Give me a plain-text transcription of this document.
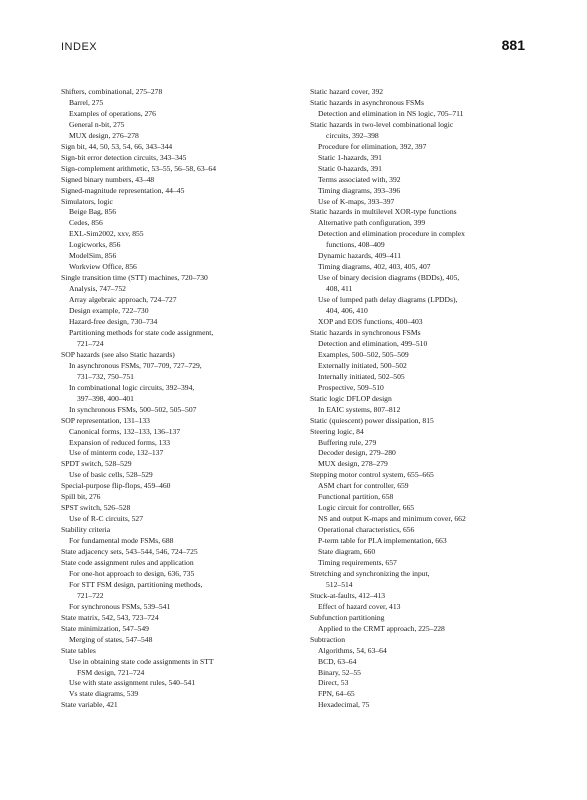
INDEX	881
Shifters, combinational, 275–278
Barrel, 275
Examples of operations, 276
General n-bit, 275
MUX design, 276–278
Sign bit, 44, 50, 53, 54, 66, 343–344
Sign-bit error detection circuits, 343–345
Sign-complement arithmetic, 53–55, 56–58, 63–64
Signed binary numbers, 43–48
Signed-magnitude representation, 44–45
Simulators, logic
Beige Bag, 856
Cedes, 856
EXL-Sim2002, xxv, 855
Logicworks, 856
ModelSim, 856
Workview Office, 856
Single transition time (STT) machines, 720–730
Analysis, 747–752
Array algebraic approach, 724–727
Design example, 722–730
Hazard-free design, 730–734
Partitioning methods for state code assignment,
721–724
SOP hazards (see also Static hazards)
In asynchronous FSMs, 707–709, 727–729,
731–732, 750–751
In combinational logic circuits, 392–394,
397–398, 400–401
In synchronous FSMs, 500–502, 505–507
SOP representation, 131–133
Canonical forms, 132–133, 136–137
Expansion of reduced forms, 133
Use of minterm code, 132–137
SPDT switch, 528–529
Use of basic cells, 528–529
Special-purpose flip-flops, 459–460
Spill bit, 276
SPST switch, 526–528
Use of R-C circuits, 527
Stability criteria
For fundamental mode FSMs, 688
State adjacency sets, 543–544, 546, 724–725
State code assignment rules and application
For one-hot approach to design, 636, 735
For STT FSM design, partitioning methods,
721–722
For synchronous FSMs, 539–541
State matrix, 542, 543, 723–724
State minimization, 547–549
Merging of states, 547–548
State tables
Use in obtaining state code assignments in STT
FSM design, 721–724
Use with state assignment rules, 540–541
Vs state diagrams, 539
State variable, 421
Static hazard cover, 392
Static hazards in asynchronous FSMs
Detection and elimination in NS logic, 705–711
Static hazards in two-level combinational logic
circuits, 392–398
Procedure for elimination, 392, 397
Static 1-hazards, 391
Static 0-hazards, 391
Terms associated with, 392
Timing diagrams, 393–396
Use of K-maps, 393–397
Static hazards in multilevel XOR-type functions
Alternative path configuration, 399
Detection and elimination procedure in complex
functions, 408–409
Dynamic hazards, 409–411
Timing diagrams, 402, 403, 405, 407
Use of binary decision diagrams (BDDs), 405,
408, 411
Use of lumped path delay diagrams (LPDDs),
404, 406, 410
XOP and EOS functions, 400–403
Static hazards in synchronous FSMs
Detection and elimination, 499–510
Examples, 500–502, 505–509
Externally initiated, 500–502
Internally initiated, 502–505
Prospective, 509–510
Static logic DFLOP design
In EAIC systems, 807–812
Static (quiescent) power dissipation, 815
Steering logic, 84
Buffering rule, 279
Decoder design, 279–280
MUX design, 278–279
Stepping motor control system, 655–665
ASM chart for controller, 659
Functional partition, 658
Logic circuit for controller, 665
NS and output K-maps and minimum cover, 662
Operational characteristics, 656
P-term table for PLA implementation, 663
State diagram, 660
Timing requirements, 657
Stretching and synchronizing the input,
512–514
Stuck-at-faults, 412–413
Effect of hazard cover, 413
Subfunction partitioning
Applied to the CRMT approach, 225–228
Subtraction
Algorithms, 54, 63–64
BCD, 63–64
Binary, 52–55
Direct, 53
FPN, 64–65
Hexadecimal, 75
